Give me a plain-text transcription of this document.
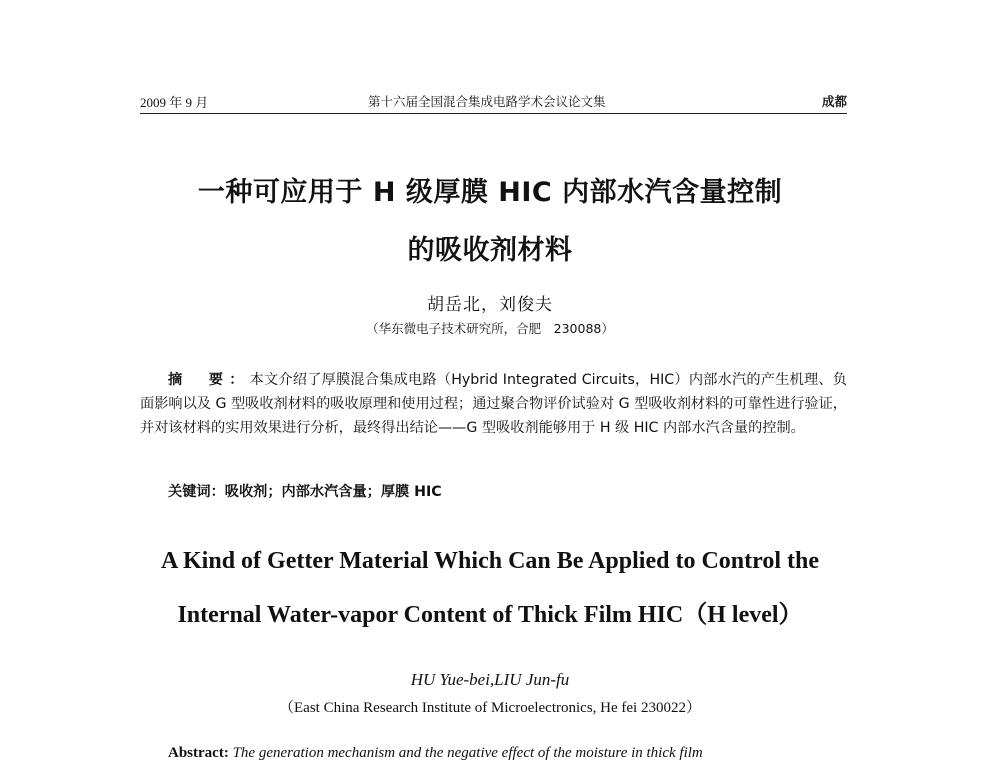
2009 年 9 月	第十六届全国混合集成电路学术会议论文集	成都
一种可应用于 H 级厚膜 HIC 内部水汽含量控制
的吸收剂材料
胡岳北，刘俊夫
（华东微电子技术研究所，合肥　230088）
摘　要：本文介绍了厚膜混合集成电路（Hybrid Integrated Circuits，HIC）内部水汽的产生机理、负面影响以及 G 型吸收剂材料的吸收原理和使用过程；通过聚合物评价试验对 G 型吸收剂材料的可靠性进行验证，并对该材料的实用效果进行分析，最终得出结论——G 型吸收剂能够用于 H 级 HIC 内部水汽含量的控制。
关键词：吸收剂；内部水汽含量；厚膜 HIC
A Kind of Getter Material Which Can Be Applied to Control the
Internal Water-vapor Content of Thick Film HIC（H level）
HU Yue-bei,LIU Jun-fu
（East China Research Institute of Microelectronics, He fei 230022）
Abstract: The generation mechanism and the negative effect of the moisture in thick film
